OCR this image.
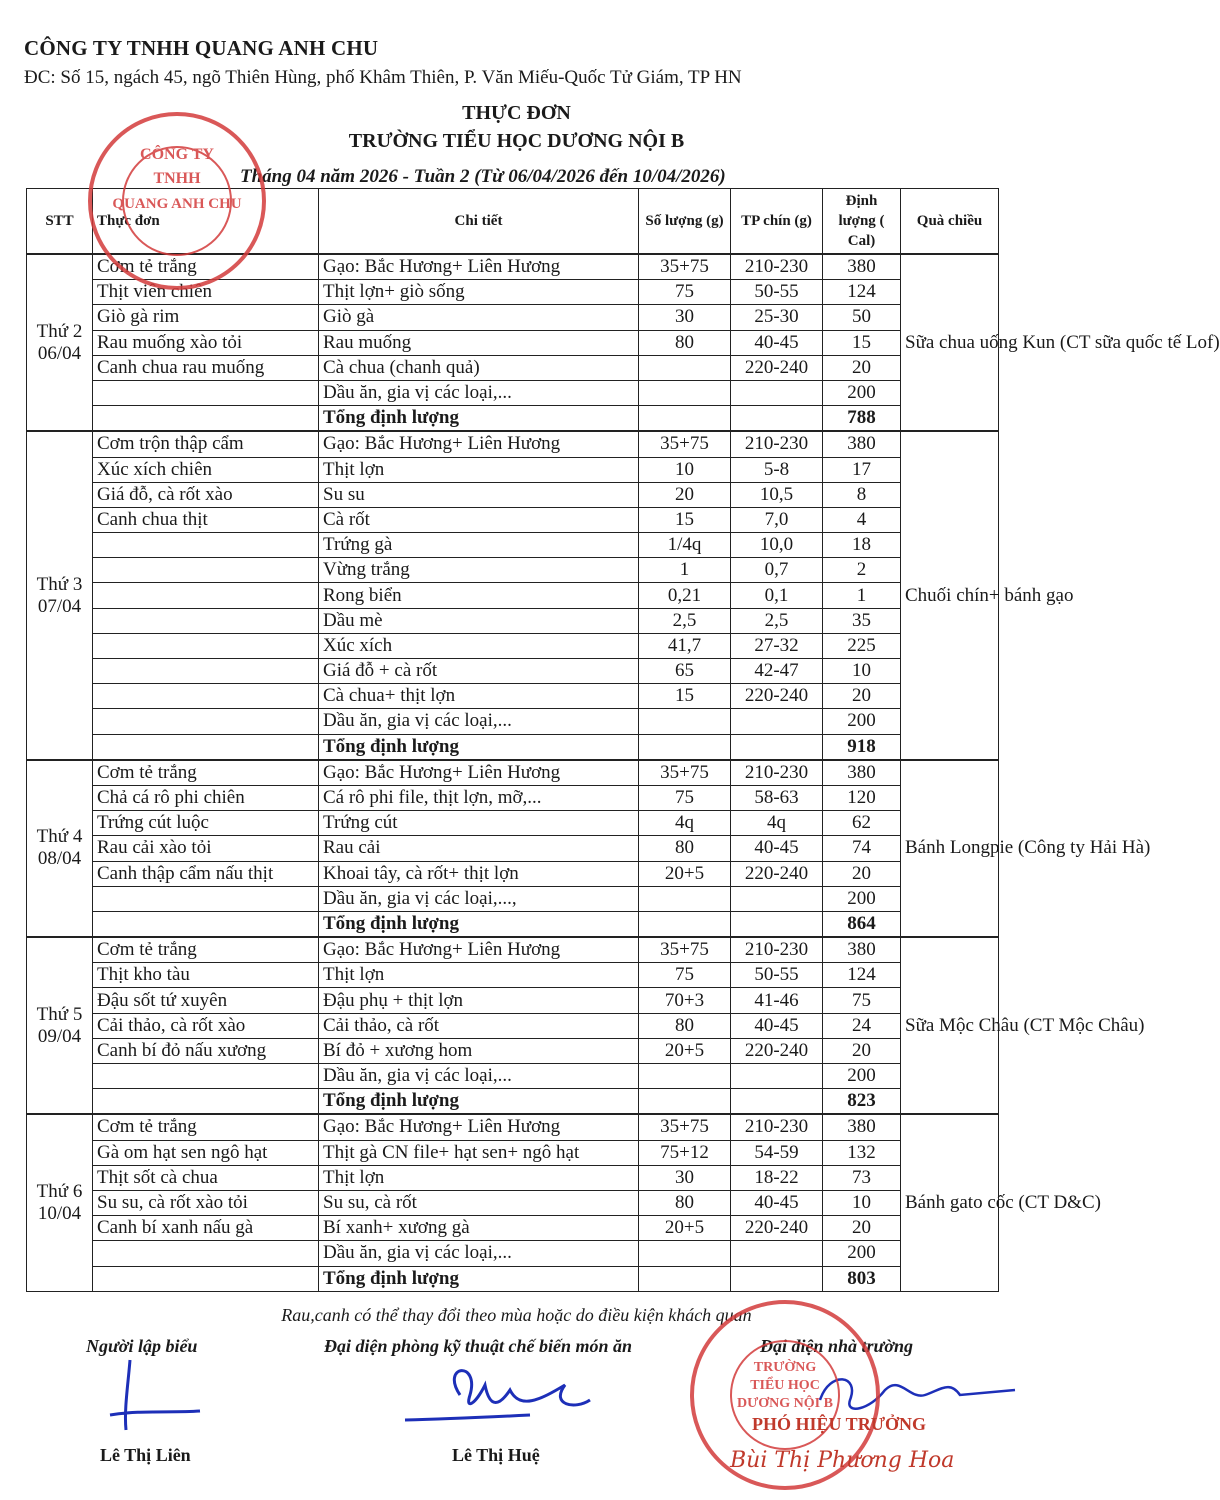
CÔNG TY TNHH QUANG ANH CHU
ĐC: Số 15, ngách 45, ngõ Thiên Hùng, phố Khâm Thiên, P. Văn Miếu-Quốc Tử Giám, TP HN
THỰC ĐƠN
TRƯỜNG TIỂU HỌC DƯƠNG NỘI B
Tháng 04 năm 2026 - Tuần 2 (Từ 06/04/2026 đến 10/04/2026)
STT	Thực đơn	Chi tiết	Số lượng (g)	TP chín (g)	Định lượng ( Cal)	Quà chiều

Thứ 2
06/04	Cơm tẻ trắng	Gạo: Bắc Hương+ Liên Hương	35+75	210-230	380	Sữa chua uống Kun (CT sữa quốc tế Lof)
	Thịt viên chiên	Thịt lợn+ giò sống	75	50-55	124	
	Giò gà rim	Giò gà	30	25-30	50	
	Rau muống xào tỏi	Rau muống	80	40-45	15	
	Canh chua rau muống	Cà chua (chanh quả)		220-240	20	
		Dầu ăn, gia vị các loại,...			200	
		Tổng định lượng			788	

Thứ 3
07/04	Cơm trộn thập cẩm	Gạo: Bắc Hương+ Liên Hương	35+75	210-230	380	Chuối chín+ bánh gạo
	Xúc xích chiên	Thịt lợn	10	5-8	17	
	Giá đỗ, cà rốt xào	Su su	20	10,5	8	
	Canh chua thịt	Cà rốt	15	7,0	4	
		Trứng gà	1/4q	10,0	18	
		Vừng trắng	1	0,7	2	
		Rong biển	0,21	0,1	1	
		Dầu mè	2,5	2,5	35	
		Xúc xích	41,7	27-32	225	
		Giá đỗ + cà rốt	65	42-47	10	
		Cà chua+ thịt lợn	15	220-240	20	
		Dầu ăn, gia vị các loại,...			200	
		Tổng định lượng			918	

Thứ 4
08/04	Cơm tẻ trắng	Gạo: Bắc Hương+ Liên Hương	35+75	210-230	380	Bánh Longpie (Công ty Hải Hà)
	Chả cá rô phi chiên	Cá rô phi file, thịt lợn, mỡ,...	75	58-63	120	
	Trứng cút luộc	Trứng cút	4q	4q	62	
	Rau cải xào tỏi	Rau cải	80	40-45	74	
	Canh thập cẩm nấu thịt	Khoai tây, cà rốt+ thịt lợn	20+5	220-240	20	
		Dầu ăn, gia vị các loại,...,			200	
		Tổng định lượng			864	

Thứ 5
09/04	Cơm tẻ trắng	Gạo: Bắc Hương+ Liên Hương	35+75	210-230	380	Sữa Mộc Châu (CT Mộc Châu)
	Thịt kho tàu	Thịt lợn	75	50-55	124	
	Đậu sốt tứ xuyên	Đậu phụ + thịt lợn	70+3	41-46	75	
	Cải thảo, cà rốt xào	Cải thảo, cà rốt	80	40-45	24	
	Canh bí đỏ nấu xương	Bí đỏ + xương hom	20+5	220-240	20	
		Dầu ăn, gia vị các loại,...			200	
		Tổng định lượng			823	

Thứ 6
10/04	Cơm tẻ trắng	Gạo: Bắc Hương+ Liên Hương	35+75	210-230	380	Bánh gato cốc (CT D&C)
	Gà om hạt sen ngô hạt	Thịt gà CN file+ hạt sen+ ngô hạt	75+12	54-59	132	
	Thịt sốt cà chua	Thịt lợn	30	18-22	73	
	Su su, cà rốt xào tỏi	Su su, cà rốt	80	40-45	10	
	Canh bí xanh nấu gà	Bí xanh+ xương gà	20+5	220-240	20	
		Dầu ăn, gia vị các loại,...			200	
		Tổng định lượng			803	
Rau,canh có thể thay đổi theo mùa hoặc do điều kiện khách quan
Người lập biểu	Đại diện phòng kỹ thuật chế biến món ăn	Đại diện nhà trường
Lê Thị Liên	Lê Thị Huệ
CÔNG TY
TNHH
QUANG ANH CHU
TRƯỜNG
TIỂU HỌC
DƯƠNG NỘI B
PHÓ HIỆU TRƯỞNG
Bùi Thị Phương Hoa
